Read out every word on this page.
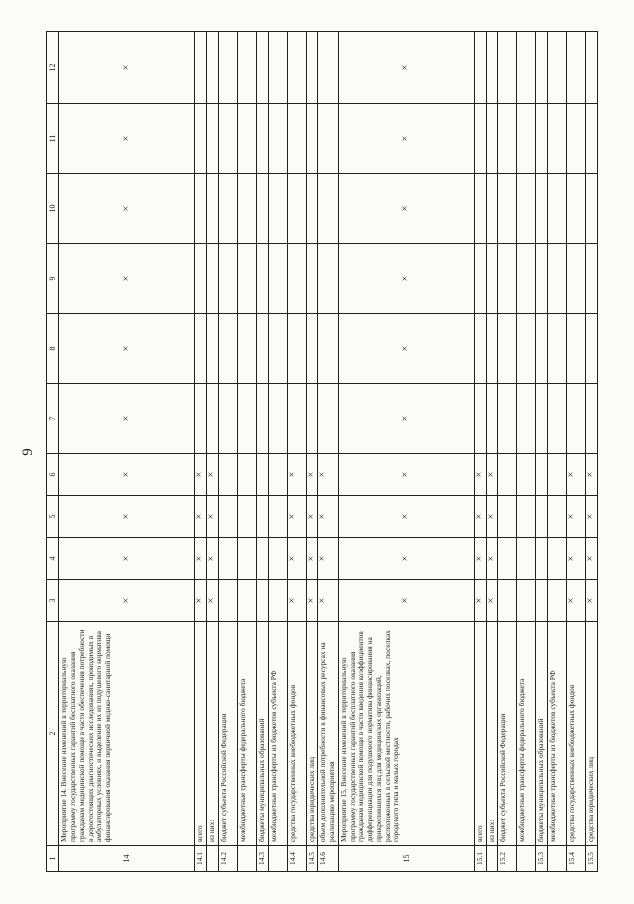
9
1	2	3	4	5	6	7	8	9	10	11	12
14	Мероприятие 14. Внесение изменений в территориальную программу государственных гарантий бесплатного оказания гражданам медицинской помощи в части обеспечения потребности в дорогостоящих диагностических исследованиях, проводимых в амбулаторных условиях, и выделение их из подушевого норматива финансирования оказания первичной медико-санитарной помощи	×	×	×	×	×	×	×	×	×	×
14.1	всего	×	×	×	×						
	из них:	×	×	×	×						
14.2	бюджет субъекта Российской Федерации										
	межбюджетные трансферты федерального бюджета										
14.3	бюджеты муниципальных образований										
	межбюджетные трансферты из бюджетов субъекта РФ										
14.4	средства государственных внебюджетных фондов	×	×	×	×						
14.5	средства юридических лиц	×	×	×	×						
14.6	объем дополнительной потребности в финансовых ресурсах на реализацию мероприятия	×	×	×	×						
15	Мероприятие 15. Внесение изменений в территориальную программу государственных гарантий бесплатного оказания гражданам медицинской помощи в части введения коэффициентов дифференциации для подушевого норматива финансирования на прикрепившихся лиц для медицинских организаций, расположенных в сельской местности, рабочих поселках, поселках городского типа и малых городах	×	×	×	×	×	×	×	×	×	×
15.1	всего	×	×	×	×						
	из них:	×	×	×	×						
15.2	бюджет субъекта Российской Федерации										
	межбюджетные трансферты федерального бюджета										
15.3	бюджеты муниципальных образований										
	межбюджетные трансферты из бюджетов субъекта РФ										
15.4	средства государственных внебюджетных фондов	×	×	×	×						
15.5	средства юридических лиц	×	×	×	×						
